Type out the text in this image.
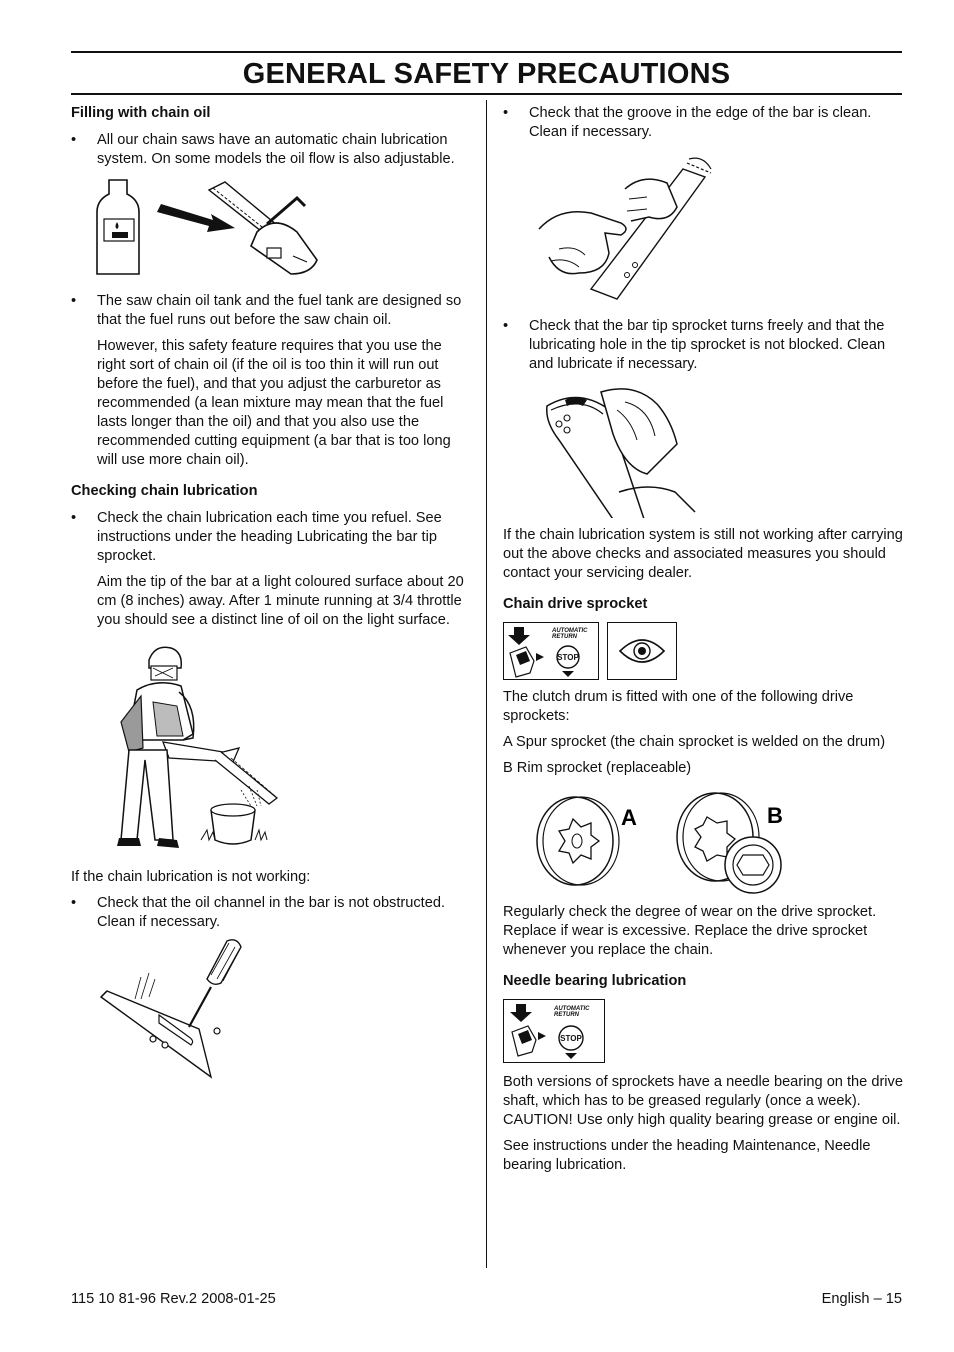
GENERAL SAFETY PRECAUTIONS
Filling with chain oil
• All our chain saws have an automatic chain lubrication system. On some models the oil flow is also adjustable.
• The saw chain oil tank and the fuel tank are designed so that the fuel runs out before the saw chain oil.

However, this safety feature requires that you use the right sort of chain oil (if the oil is too thin it will run out before the fuel), and that you adjust the carburetor as recommended (a lean mixture may mean that the fuel lasts longer than the oil) and that you also use the recommended cutting equipment (a bar that is too long will use more chain oil).

Checking chain lubrication
• Check the chain lubrication each time you refuel. See instructions under the heading Lubricating the bar tip sprocket.

Aim the tip of the bar at a light coloured surface about 20 cm (8 inches) away. After 1 minute running at 3/4 throttle you should see a distinct line of oil on the light surface.

If the chain lubrication is not working:

• Check that the oil channel in the bar is not obstructed. Clean if necessary.
• Check that the groove in the edge of the bar is clean. Clean if necessary.
• Check that the bar tip sprocket turns freely and that the lubricating hole in the tip sprocket is not blocked. Clean and lubricate if necessary.

If the chain lubrication system is still not working after carrying out the above checks and associated measures you should contact your servicing dealer.

Chain drive sprocket
AUTOMATIC
RETURN
STOP

The clutch drum is fitted with one of the following drive sprockets:

A Spur sprocket (the chain sprocket is welded on the drum)

B Rim sprocket (replaceable)

A	B

Regularly check the degree of wear on the drive sprocket. Replace if wear is excessive. Replace the drive sprocket whenever you replace the chain.

Needle bearing lubrication
AUTOMATIC
RETURN
STOP

Both versions of sprockets have a needle bearing on the drive shaft, which has to be greased regularly (once a week). CAUTION! Use only high quality bearing grease or engine oil.

See instructions under the heading Maintenance, Needle bearing lubrication.

115 10 81-96 Rev.2 2008-01-25	English – 15
